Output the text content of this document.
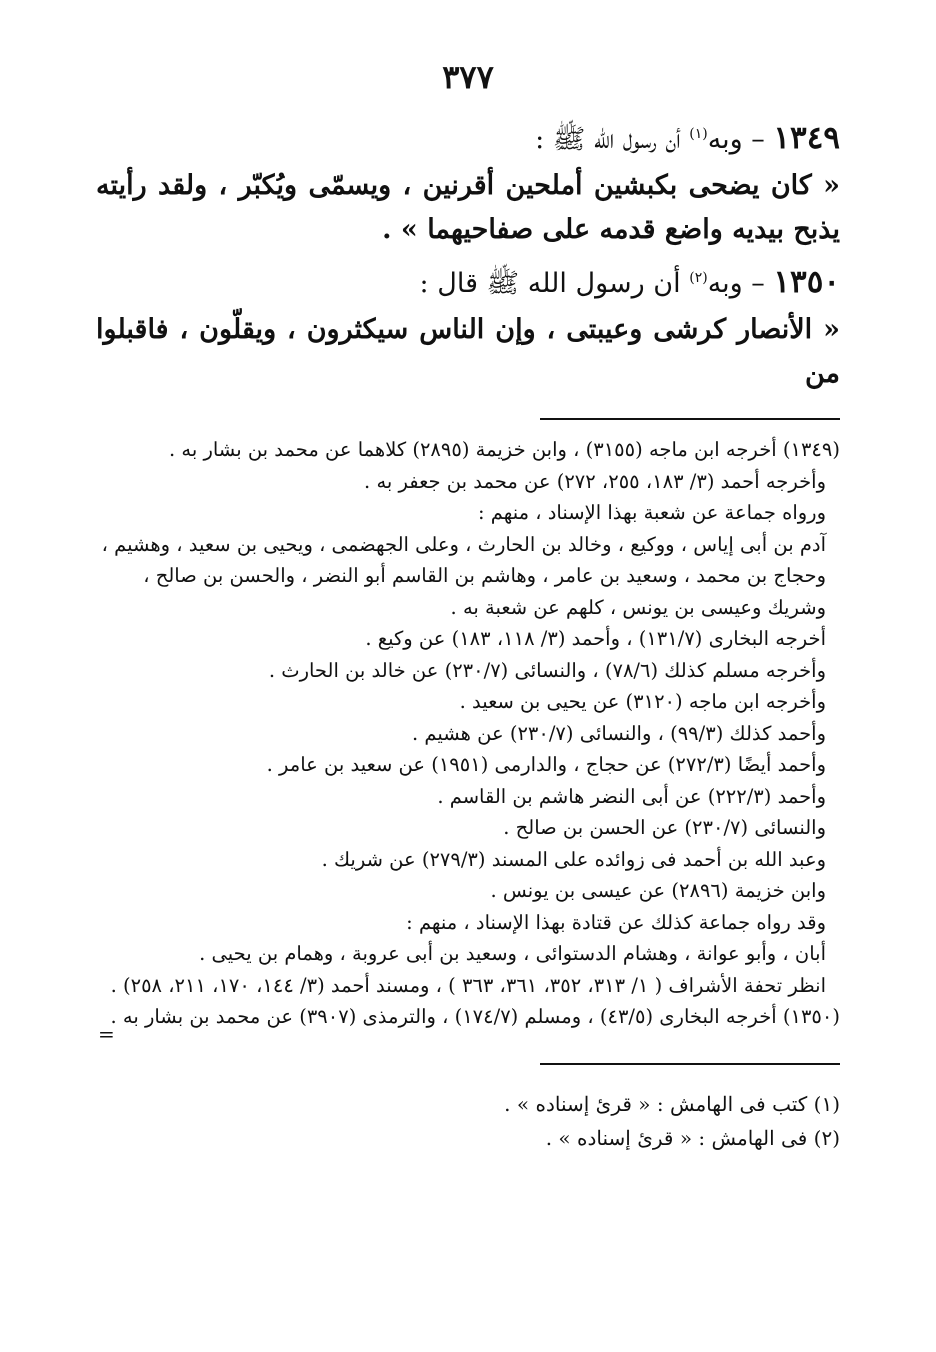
٣٧٧
١٣٤٩ – وبه$^{(١)}$ أن رسول الله ﷺ :
« كان يضحى بكبشين أملحين أقرنين ، ويسمّى ويُكبّر ، ولقد رأيته يذبح بيديه واضع قدمه على صفاحيهما » .
١٣٥٠ – وبه$^{(٢)}$ أن رسول الله ﷺ قال :
« الأنصار كرشى وعيبتى ، وإن الناس سيكثرون ، ويقلّون ، فاقبلوا من

(١٣٤٩) أخرجه ابن ماجه (٣١٥٥) ، وابن خزيمة (٢٨٩٥) كلاهما عن محمد بن بشار به .

وأخرجه أحمد (٣/ ١٨٣، ٢٥٥، ٢٧٢) عن محمد بن جعفر به .

ورواه جماعة عن شعبة بهذا الإسناد ، منهم :

آدم بن أبى إياس ، ووكيع ، وخالد بن الحارث ، وعلى الجهضمى ، ويحيى بن سعيد ، وهشيم ، وحجاج بن محمد ، وسعيد بن عامر ، وهاشم بن القاسم أبو النضر ، والحسن بن صالح ، وشريك وعيسى بن يونس ، كلهم عن شعبة به .

أخرجه البخارى (١٣١/٧) ، وأحمد (٣/ ١١٨، ١٨٣) عن وكيع .

وأخرجه مسلم كذلك (٧٨/٦) ، والنسائى (٢٣٠/٧) عن خالد بن الحارث .

وأخرجه ابن ماجه (٣١٢٠) عن يحيى بن سعيد .

وأحمد كذلك (٩٩/٣) ، والنسائى (٢٣٠/٧) عن هشيم .

وأحمد أيضًا (٢٧٢/٣) عن حجاج ، والدارمى (١٩٥١) عن سعيد بن عامر .

وأحمد (٢٢٢/٣) عن أبى النضر هاشم بن القاسم .

والنسائى (٢٣٠/٧) عن الحسن بن صالح .

وعبد الله بن أحمد فى زوائده على المسند (٢٧٩/٣) عن شريك .

وابن خزيمة (٢٨٩٦) عن عيسى بن يونس .

وقد رواه جماعة كذلك عن قتادة بهذا الإسناد ، منهم :

أبان ، وأبو عوانة ، وهشام الدستوائى ، وسعيد بن أبى عروبة ، وهمام بن يحيى .

انظر تحفة الأشراف ( ١/ ٣١٣، ٣٥٢، ٣٦١، ٣٦٣ ) ، ومسند أحمد (٣/ ١٤٤، ١٧٠، ٢١١، ٢٥٨) .

(١٣٥٠) أخرجه البخارى (٤٣/٥) ، ومسلم (١٧٤/٧) ، والترمذى (٣٩٠٧) عن محمد بن بشار به .

=

(١) كتب فى الهامش : « قرئ إسناده » .

(٢) فى الهامش : « قرئ إسناده » .
